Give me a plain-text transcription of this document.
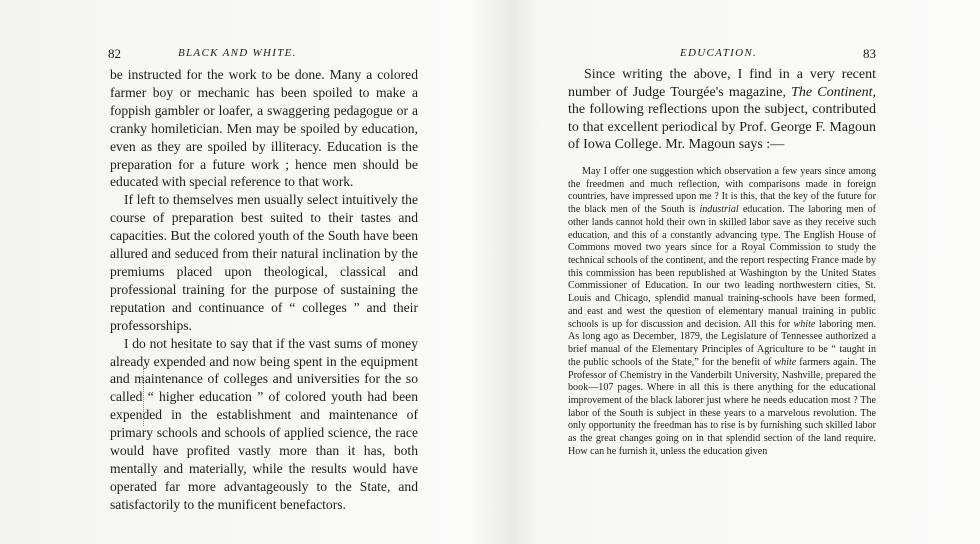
82	BLACK AND WHITE.

be instructed for the work to be done. Many a colored farmer boy or mechanic has been spoiled to make a foppish gambler or loafer, a swaggering pedagogue or a cranky homiletician. Men may be spoiled by education, even as they are spoiled by illiteracy. Education is the preparation for a future work ; hence men should be educated with special reference to that work.

If left to themselves men usually select intuitively the course of preparation best suited to their tastes and capacities. But the colored youth of the South have been allured and seduced from their natural inclination by the premiums placed upon theological, classical and professional training for the purpose of sustaining the reputation and continuance of “ colleges ” and their professorships.

I do not hesitate to say that if the vast sums of money already expended and now being spent in the equipment and maintenance of colleges and universities for the so called “ higher education ” of colored youth had been expended in the establishment and maintenance of primary schools and schools of applied science, the race would have profited vastly more than it has, both mentally and materially, while the results would have operated far more advantageously to the State, and satisfactorily to the munificent benefactors.

EDUCATION.	83

Since writing the above, I find in a very recent number of Judge Tourgée's magazine, The Continent, the following reflections upon the subject, contributed to that excellent periodical by Prof. George F. Magoun of Iowa College. Mr. Magoun says :—

May I offer one suggestion which observation a few years since among the freedmen and much reflection, with comparisons made in foreign countries, have impressed upon me ? It is this, that the key of the future for the black men of the South is industrial education. The laboring men of other lands cannot hold their own in skilled labor save as they receive such education, and this of a constantly advancing type. The English House of Commons moved two years since for a Royal Commission to study the technical schools of the continent, and the report respecting France made by this commission has been republished at Washington by the United States Commissioner of Education. In our two leading northwestern cities, St. Louis and Chicago, splendid manual training-schools have been formed, and east and west the question of elementary manual training in public schools is up for discussion and decision. All this for white laboring men. As long ago as December, 1879, the Legislature of Tennessee authorized a brief manual of the Elementary Principles of Agriculture to be “ taught in the public schools of the State,” for the benefit of white farmers again. The Professor of Chemistry in the Vanderbilt University, Nashville, prepared the book—107 pages. Where in all this is there anything for the educational improvement of the black laborer just where he needs education most ? The labor of the South is subject in these years to a marvelous revolution. The only opportunity the freedman has to rise is by furnishing such skilled labor as the great changes going on in that splendid section of the land require. How can he furnish it, unless the education given
